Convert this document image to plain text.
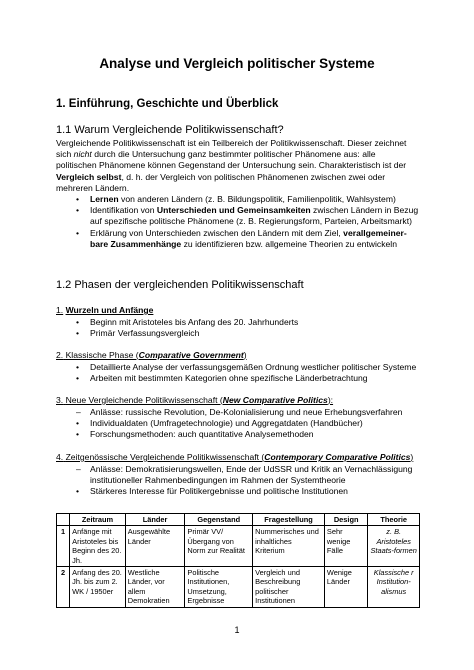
Analyse und Vergleich politischer Systeme
1. Einführung, Geschichte und Überblick
1.1 Warum Vergleichende Politikwissenschaft?
Vergleichende Politikwissenschaft ist ein Teilbereich der Politikwissenschaft. Dieser zeichnet sich nicht durch die Untersuchung ganz bestimmter politischer Phänomene aus: alle politischen Phänomene können Gegenstand der Untersuchung sein. Charakteristisch ist der Vergleich selbst, d. h. der Vergleich von politischen Phänomenen zwischen zwei oder mehreren Ländern.
• Lernen von anderen Ländern (z. B. Bildungspolitik, Familienpolitik, Wahlsystem)
• Identifikation von Unterschieden und Gemeinsamkeiten zwischen Ländern in Bezug auf spezifische politische Phänomene (z. B. Regierungsform, Parteien, Arbeitsmarkt)
• Erklärung von Unterschieden zwischen den Ländern mit dem Ziel, verallgemeiner-bare Zusammenhänge zu identifizieren bzw. allgemeine Theorien zu entwickeln
1.2 Phasen der vergleichenden Politikwissenschaft
1. Wurzeln und Anfänge
• Beginn mit Aristoteles bis Anfang des 20. Jahrhunderts
• Primär Verfassungsvergleich
2. Klassische Phase (Comparative Government)
• Detaillierte Analyse der verfassungsgemäßen Ordnung westlicher politischer Systeme
• Arbeiten mit bestimmten Kategorien ohne spezifische Länderbetrachtung
3. Neue Vergleichende Politikwissenschaft (New Comparative Politics):
– Anlässe: russische Revolution, De-Kolonialisierung und neue Erhebungsverfahren
• Individualdaten (Umfragetechnologie) und Aggregatdaten (Handbücher)
• Forschungsmethoden: auch quantitative Analysemethoden
4. Zeitgenössische Vergleichende Politikwissenschaft (Contemporary Comparative Politics)
– Anlässe: Demokratisierungswellen, Ende der UdSSR und Kritik an Vernachlässigung institutioneller Rahmenbedingungen im Rahmen der Systemtheorie
• Stärkeres Interesse für Politikergebnisse und politische Institutionen
	Zeitraum	Länder	Gegenstand	Fragestellung	Design	Theorie
1	Anfänge mit Aristoteles bis Beginn des 20. Jh.	Ausgewählte Länder	Primär VV/ Übergang von Norm zur Realität	Nummerisches und inhaltliches Kriterium	Sehr wenige Fälle	z. B. Aristoteles Staats-formen
2	Anfang des 20. Jh. bis zum 2. WK / 1950er	Westliche Länder, vor allem Demokratien	Politische Institutionen, Umsetzung, Ergebnisse	Vergleich und Beschreibung politischer Institutionen	Wenige Länder	Klassische r Institution-alismus
1
